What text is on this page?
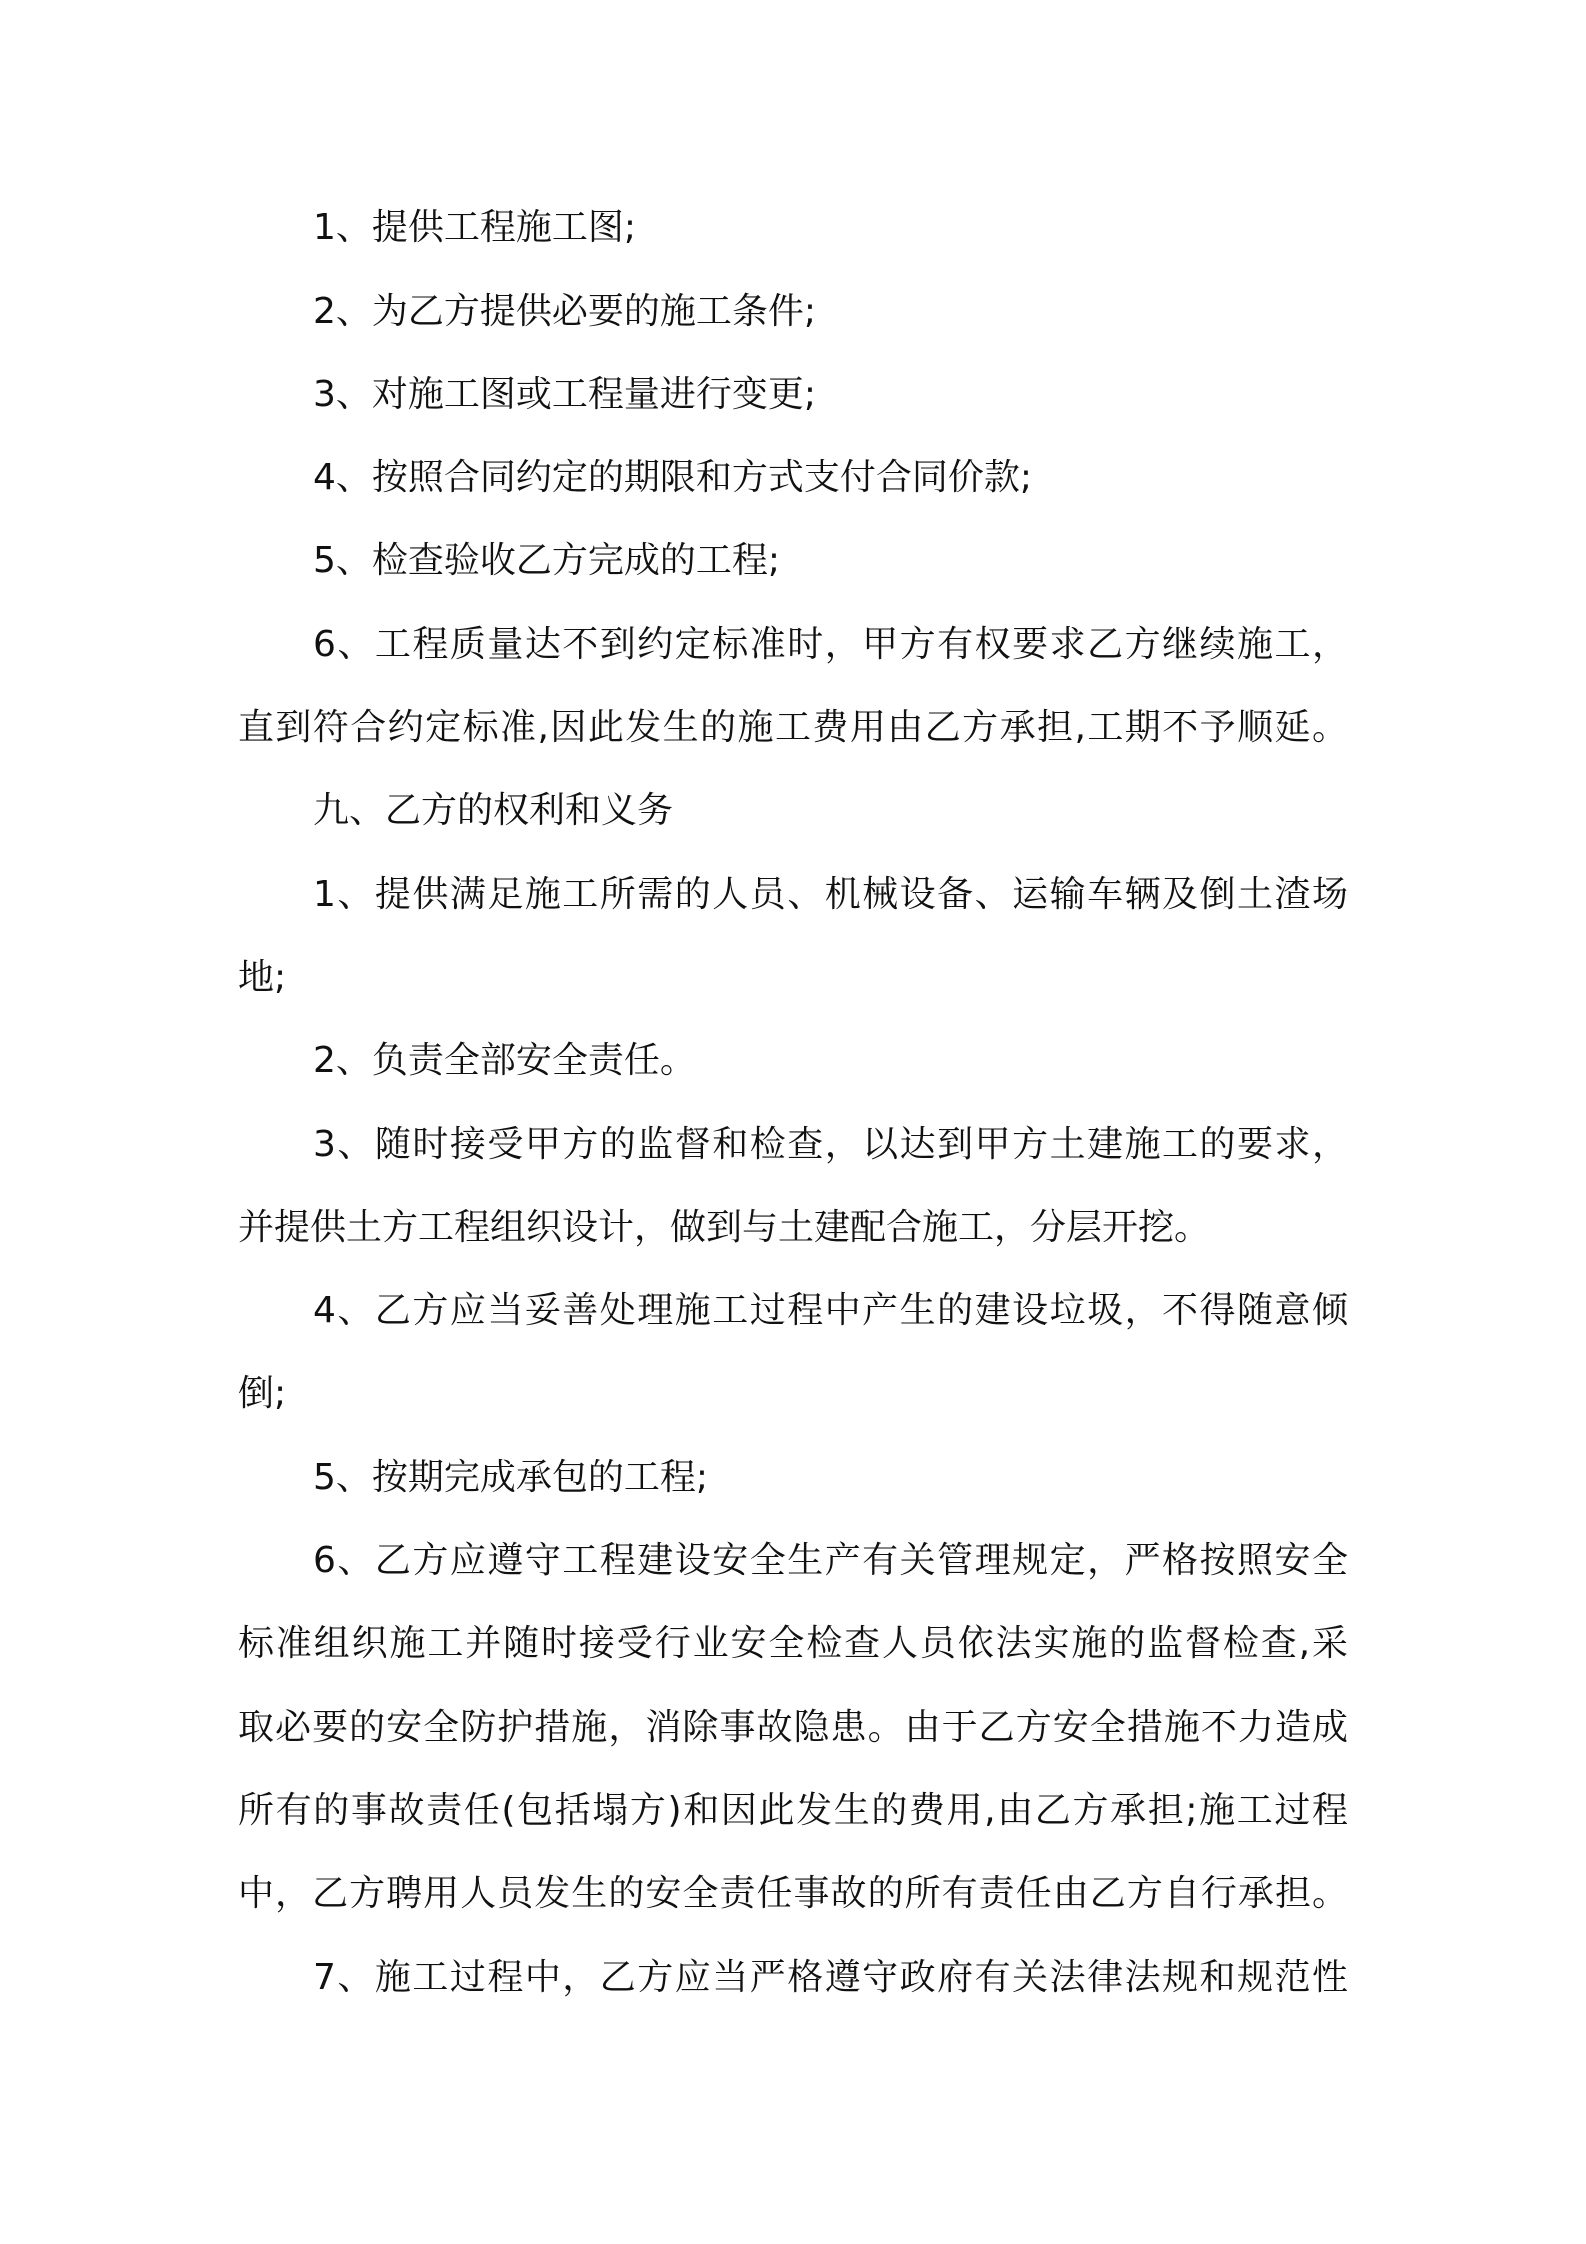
1、提供工程施工图;
2、为乙方提供必要的施工条件;
3、对施工图或工程量进行变更;
4、按照合同约定的期限和方式支付合同价款;
5、检查验收乙方完成的工程;
6、工程质量达不到约定标准时，甲方有权要求乙方继续施工，
直到符合约定标准,因此发生的施工费用由乙方承担,工期不予顺延。
九、乙方的权利和义务
1、提供满足施工所需的人员、机械设备、运输车辆及倒土渣场
地;
2、负责全部安全责任。
3、随时接受甲方的监督和检查，以达到甲方土建施工的要求，
并提供土方工程组织设计，做到与土建配合施工，分层开挖。
4、乙方应当妥善处理施工过程中产生的建设垃圾，不得随意倾
倒;
5、按期完成承包的工程;
6、乙方应遵守工程建设安全生产有关管理规定，严格按照安全
标准组织施工并随时接受行业安全检查人员依法实施的监督检查,采
取必要的安全防护措施，消除事故隐患。由于乙方安全措施不力造成
所有的事故责任(包括塌方)和因此发生的费用,由乙方承担;施工过程
中，乙方聘用人员发生的安全责任事故的所有责任由乙方自行承担。
7、施工过程中，乙方应当严格遵守政府有关法律法规和规范性
